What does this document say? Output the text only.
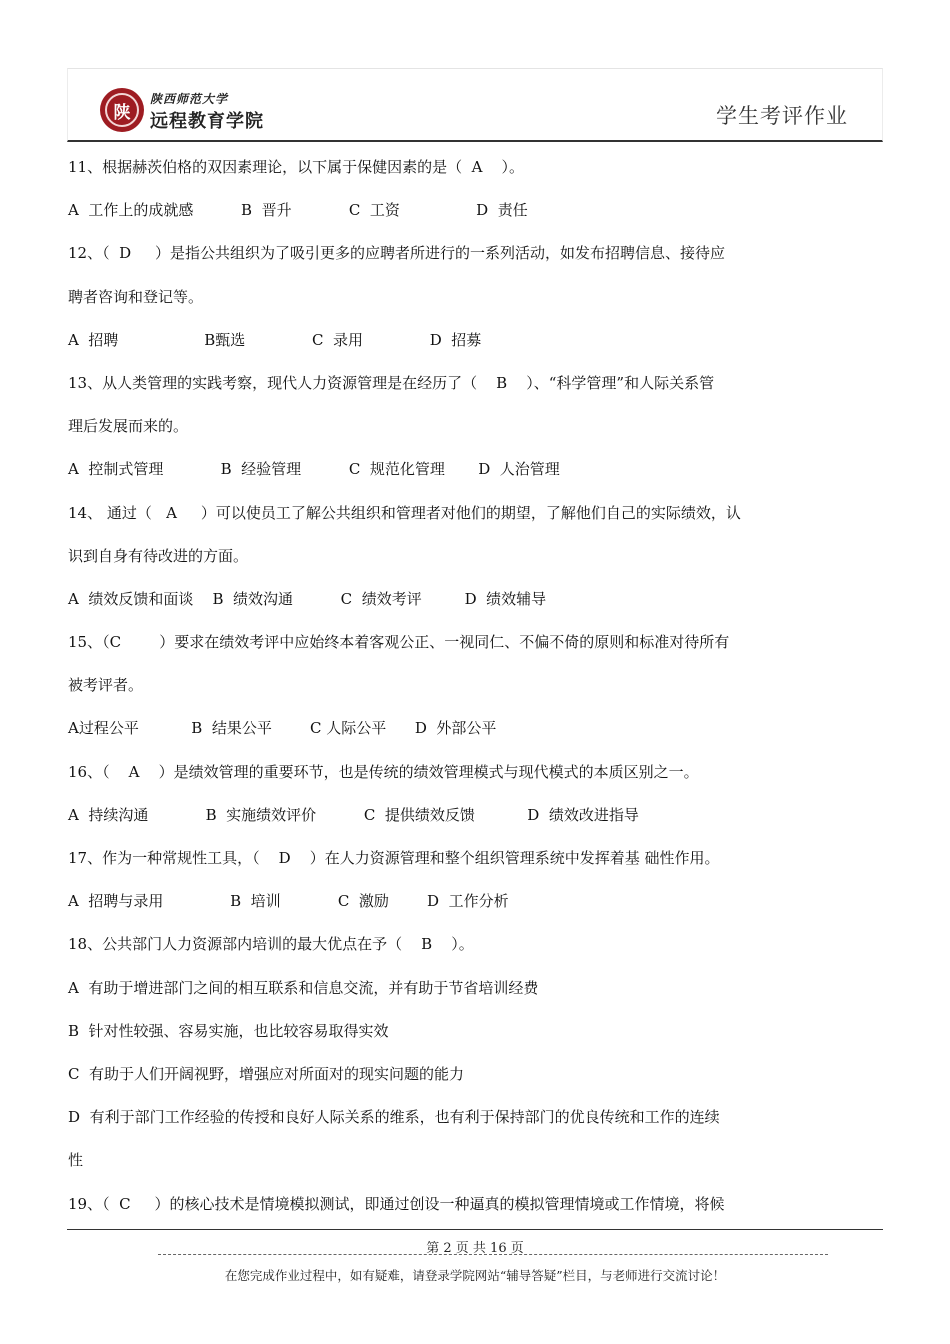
陕
陕西师范大学
远程教育学院	学生考评作业
11、根据赫茨伯格的双因素理论，以下属于保健因素的是（  A    ）。
A  工作上的成就感          B  晋升            C  工资                D  责任
12、（  D     ）是指公共组织为了吸引更多的应聘者所进行的一系列活动，如发布招聘信息、接待应
聘者咨询和登记等。
A  招聘                  B甄选              C  录用              D  招募
13、从人类管理的实践考察，现代人力资源管理是在经历了（    B    ）、“科学管理”和人际关系管
理后发展而来的。
A  控制式管理            B  经验管理          C  规范化管理       D  人治管理
14、 通过（   A     ）可以使员工了解公共组织和管理者对他们的期望，了解他们自己的实际绩效，认
识到自身有待改进的方面。
A  绩效反馈和面谈    B  绩效沟通          C  绩效考评         D  绩效辅导
15、（C        ）要求在绩效考评中应始终本着客观公正、一视同仁、不偏不倚的原则和标准对待所有
被考评者。
A过程公平           B  结果公平        C 人际公平      D  外部公平
16、（    A    ）是绩效管理的重要环节，也是传统的绩效管理模式与现代模式的本质区别之一。
A  持续沟通            B  实施绩效评价          C  提供绩效反馈           D  绩效改进指导
17、作为一种常规性工具，（    D    ）在人力资源管理和整个组织管理系统中发挥着基 础性作用。
A  招聘与录用              B  培训            C  激励        D  工作分析
18、公共部门人力资源部内培训的最大优点在予（    B    ）。
A  有助于增进部门之间的相互联系和信息交流，并有助于节省培训经费
B  针对性较强、容易实施，也比较容易取得实效
C  有助于人们开阔视野，增强应对所面对的现实问题的能力
D  有利于部门工作经验的传授和良好人际关系的维系，也有利于保持部门的优良传统和工作的连续
性
19、（  C     ）的核心技术是情境模拟测试，即通过创设一种逼真的模拟管理情境或工作情境，将候
第 2 页 共 16 页
在您完成作业过程中，如有疑难，请登录学院网站“辅导答疑”栏目，与老师进行交流讨论！
